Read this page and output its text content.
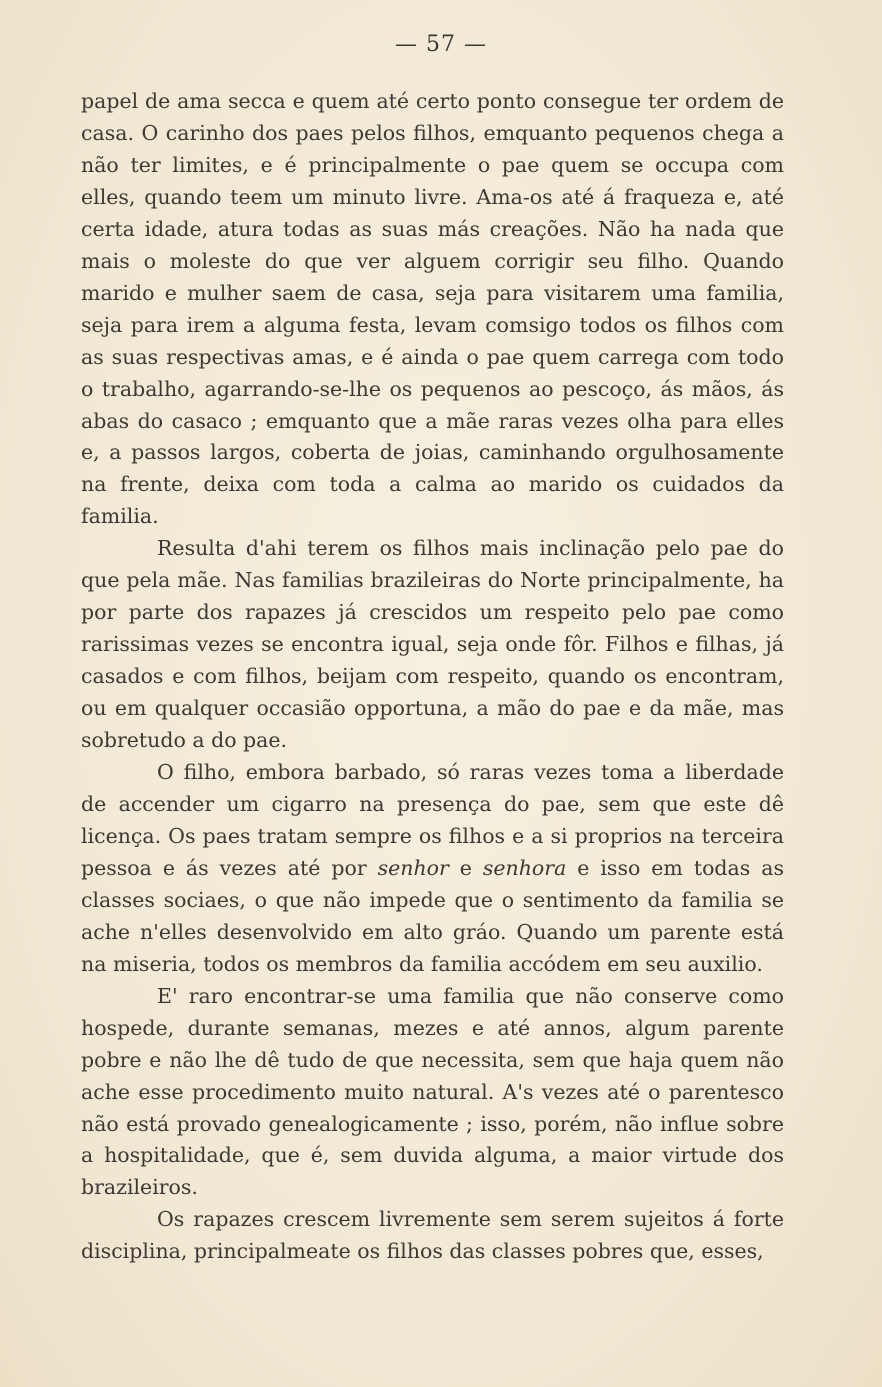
— 57 —

papel de ama secca e quem até certo ponto consegue ter ordem de casa. O carinho dos paes pelos filhos, emquanto pequenos chega a não ter limites, e é principalmente o pae quem se occupa com elles, quando teem um minuto livre. Ama-os até á fraqueza e, até certa idade, atura todas as suas más creações. Não ha nada que mais o moleste do que ver alguem corrigir seu filho. Quando marido e mulher saem de casa, seja para visitarem uma familia, seja para irem a alguma festa, levam comsigo todos os filhos com as suas respectivas amas, e é ainda o pae quem carrega com todo o trabalho, agarrando-se-lhe os pequenos ao pescoço, ás mãos, ás abas do casaco ; emquanto que a mãe raras vezes olha para elles e, a passos largos, coberta de joias, caminhando orgulhosamente na frente, deixa com toda a calma ao marido os cuidados da familia.

Resulta d'ahi terem os filhos mais inclinação pelo pae do que pela mãe. Nas familias brazileiras do Norte principalmente, ha por parte dos rapazes já crescidos um respeito pelo pae como rarissimas vezes se encontra igual, seja onde fôr. Filhos e filhas, já casados e com filhos, beijam com respeito, quando os encontram, ou em qualquer occasião opportuna, a mão do pae e da mãe, mas sobretudo a do pae.

O filho, embora barbado, só raras vezes toma a liberdade de accender um cigarro na presença do pae, sem que este dê licença. Os paes tratam sempre os filhos e a si proprios na terceira pessoa e ás vezes até por senhor e senhora e isso em todas as classes sociaes, o que não impede que o sentimento da familia se ache n'elles desenvolvido em alto gráo. Quando um parente está na miseria, todos os membros da familia accódem em seu auxilio.

E' raro encontrar-se uma familia que não conserve como hospede, durante semanas, mezes e até annos, algum parente pobre e não lhe dê tudo de que necessita, sem que haja quem não ache esse procedimento muito natural. A's vezes até o parentesco não está provado genealogicamente ; isso, porém, não influe sobre a hospitalidade, que é, sem duvida alguma, a maior virtude dos brazileiros.

Os rapazes crescem livremente sem serem sujeitos á forte disciplina, principalmeate os filhos das classes pobres que, esses,
